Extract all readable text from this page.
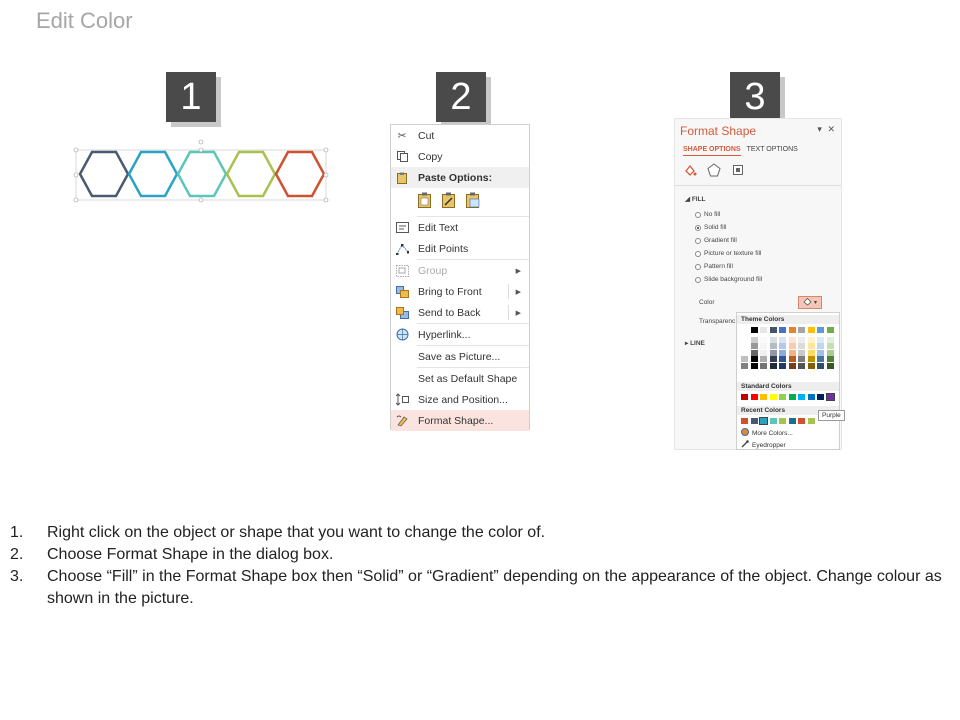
Edit Color
1	2	3
✂	Cut
Copy
Paste Options:
Edit Text
Edit Points
Group	▶
Bring to Front	▶
Send to Back	▶
Hyperlink...
Save as Picture...
Set as Default Shape
Size and Position...
Format Shape...
Format Shape	▾ ✕
SHAPE OPTIONS TEXT OPTIONS
◢ FILL
No fill
Solid fill
Gradient fill
Picture or texture fill
Pattern fill
Slide background fill
Color	▾
Transparenc
▸ LINE
Theme Colors
Standard Colors
Recent Colors
More Colors...
Eyedropper
Purple
1.	Right click on the object or shape that you want to change the color of.
2.	Choose Format Shape in the dialog box.
3.	Choose “Fill” in the Format Shape box then “Solid” or “Gradient” depending on the appearance of the object. Change colour as shown in the picture.
